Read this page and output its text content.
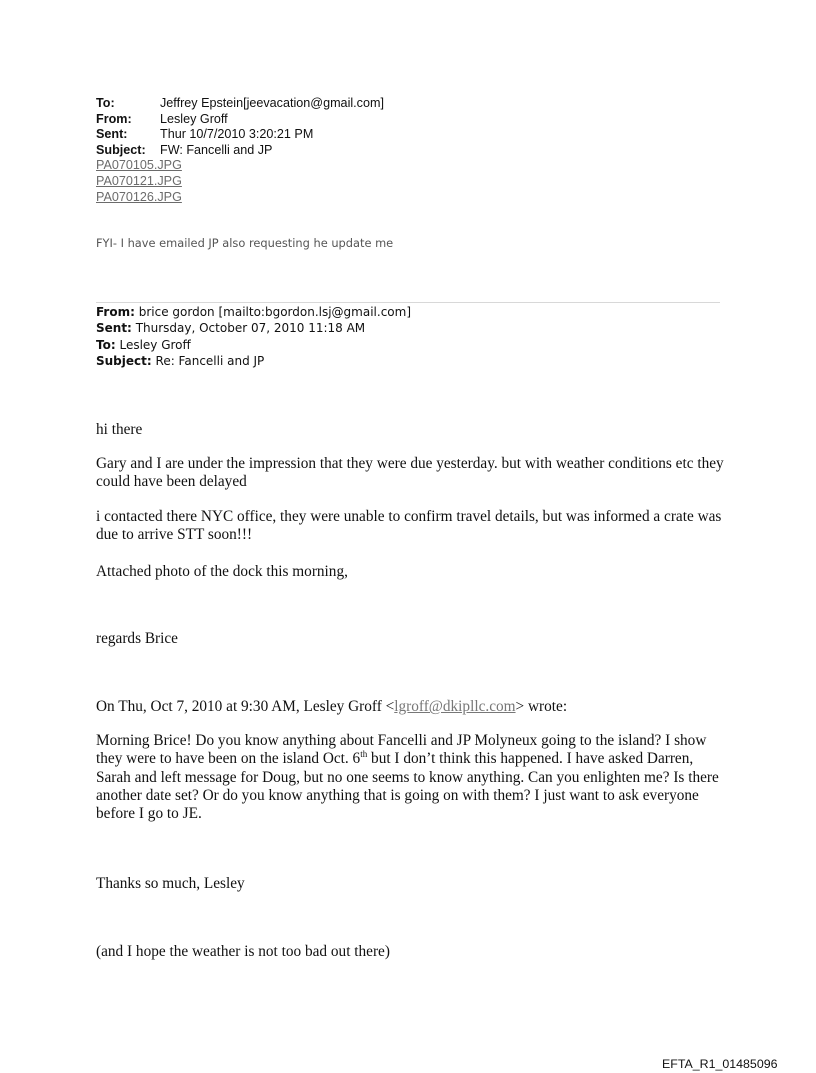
To:	Jeffrey Epstein[jeevacation@gmail.com]
From:	Lesley Groff
Sent:	Thur 10/7/2010 3:20:21 PM
Subject:	FW: Fancelli and JP
PA070105.JPG
PA070121.JPG
PA070126.JPG
FYI- I have emailed JP also requesting he update me
From: brice gordon [mailto:bgordon.lsj@gmail.com]
Sent: Thursday, October 07, 2010 11:18 AM
To: Lesley Groff
Subject: Re: Fancelli and JP

hi there

Gary and I are under the impression that they were due yesterday. but with weather conditions etc they could have been delayed

i contacted there NYC office, they were unable to confirm travel details, but was informed a crate was due to arrive STT soon!!!

Attached photo of the dock this morning,

regards Brice

On Thu, Oct 7, 2010 at 9:30 AM, Lesley Groff <lgroff@dkipllc.com> wrote:

Morning Brice! Do you know anything about Fancelli and JP Molyneux going to the island? I show they were to have been on the island Oct. 6th but I don’t think this happened. I have asked Darren, Sarah and left message for Doug, but no one seems to know anything. Can you enlighten me? Is there another date set? Or do you know anything that is going on with them? I just want to ask everyone before I go to JE.

Thanks so much, Lesley

(and I hope the weather is not too bad out there)

EFTA_R1_01485096
